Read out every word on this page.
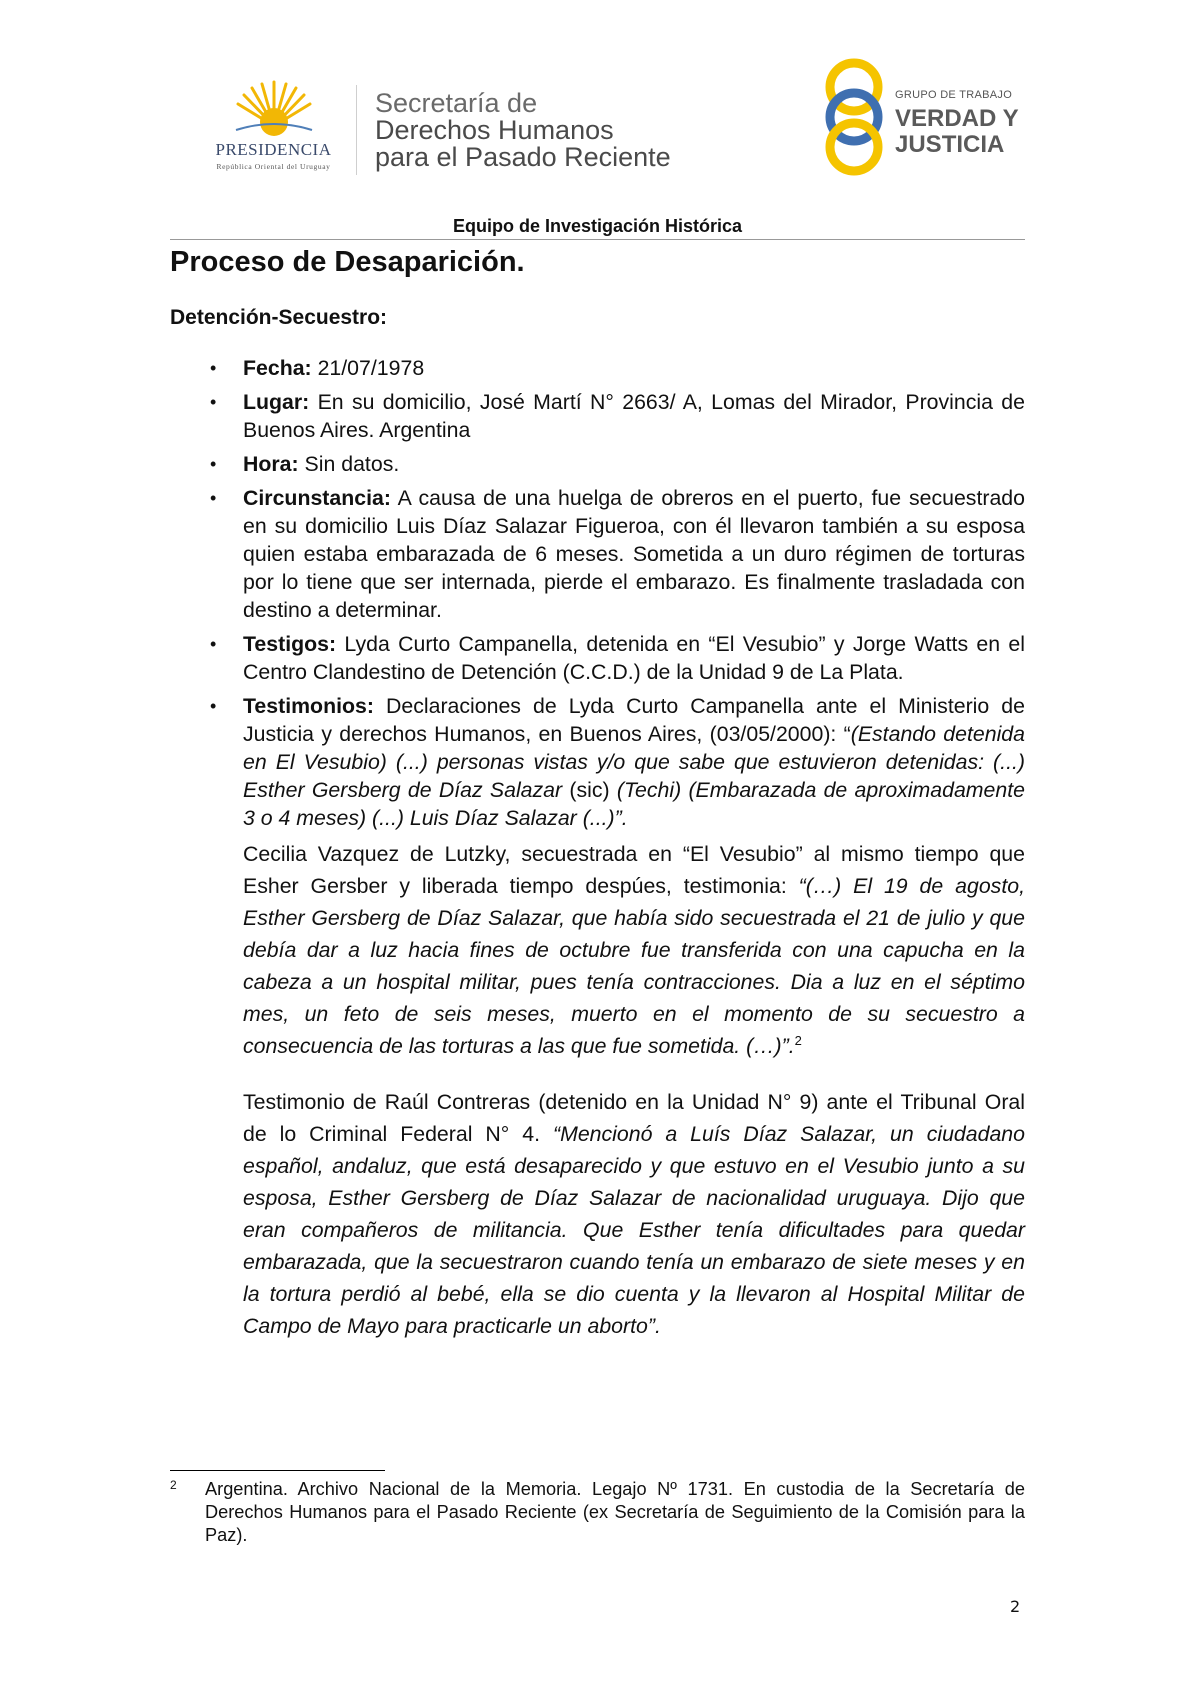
PRESIDENCIA
República Oriental del Uruguay
Secretaría de
Derechos Humanos
para el Pasado Reciente
GRUPO DE TRABAJO
VERDAD Y
JUSTICIA
Equipo de Investigación Histórica
Proceso de Desaparición.
Detención-Secuestro:
• Fecha: 21/07/1978
• Lugar: En su domicilio, José Martí N° 2663/ A, Lomas del Mirador, Provincia de Buenos Aires. Argentina
• Hora: Sin datos.
• Circunstancia: A causa de una huelga de obreros en el puerto, fue secuestrado en su domicilio Luis Díaz Salazar Figueroa, con él llevaron también a su esposa quien estaba embarazada de 6 meses. Sometida a un duro régimen de torturas por lo tiene que ser internada, pierde el embarazo. Es finalmente trasladada con destino a determinar.
• Testigos: Lyda Curto Campanella, detenida en “El Vesubio” y Jorge Watts en el Centro Clandestino de Detención (C.C.D.) de la Unidad 9 de La Plata.
• Testimonios: Declaraciones de Lyda Curto Campanella ante el Ministerio de Justicia y derechos Humanos, en Buenos Aires, (03/05/2000): “(Estando detenida en El Vesubio) (...) personas vistas y/o que sabe que estuvieron detenidas: (...) Esther Gersberg de Díaz Salazar (sic) (Techi) (Embarazada de aproximadamente 3 o 4 meses) (...) Luis Díaz Salazar (...)”.

Cecilia Vazquez de Lutzky, secuestrada en “El Vesubio” al mismo tiempo que Esher Gersber y liberada tiempo despúes, testimonia: “(…) El 19 de agosto, Esther Gersberg de Díaz Salazar, que había sido secuestrada el 21 de julio y que debía dar a luz hacia fines de octubre fue transferida con una capucha en la cabeza a un hospital militar, pues tenía contracciones. Dia a luz en el séptimo mes, un feto de seis meses, muerto en el momento de su secuestro a consecuencia de las torturas a las que fue sometida. (…)”.$^2$

Testimonio de Raúl Contreras (detenido en la Unidad N° 9) ante el Tribunal Oral de lo Criminal Federal N° 4. “Mencionó a Luís Díaz Salazar, un ciudadano español, andaluz, que está desaparecido y que estuvo en el Vesubio junto a su esposa, Esther Gersberg de Díaz Salazar de nacionalidad uruguaya. Dijo que eran compañeros de militancia. Que Esther tenía dificultades para quedar embarazada, que la secuestraron cuando tenía un embarazo de siete meses y en la tortura perdió al bebé, ella se dio cuenta y la llevaron al Hospital Militar de Campo de Mayo para practicarle un aborto”.

2 Argentina. Archivo Nacional de la Memoria. Legajo Nº 1731. En custodia de la Secretaría de Derechos Humanos para el Pasado Reciente (ex Secretaría de Seguimiento de la Comisión para la Paz).
2
